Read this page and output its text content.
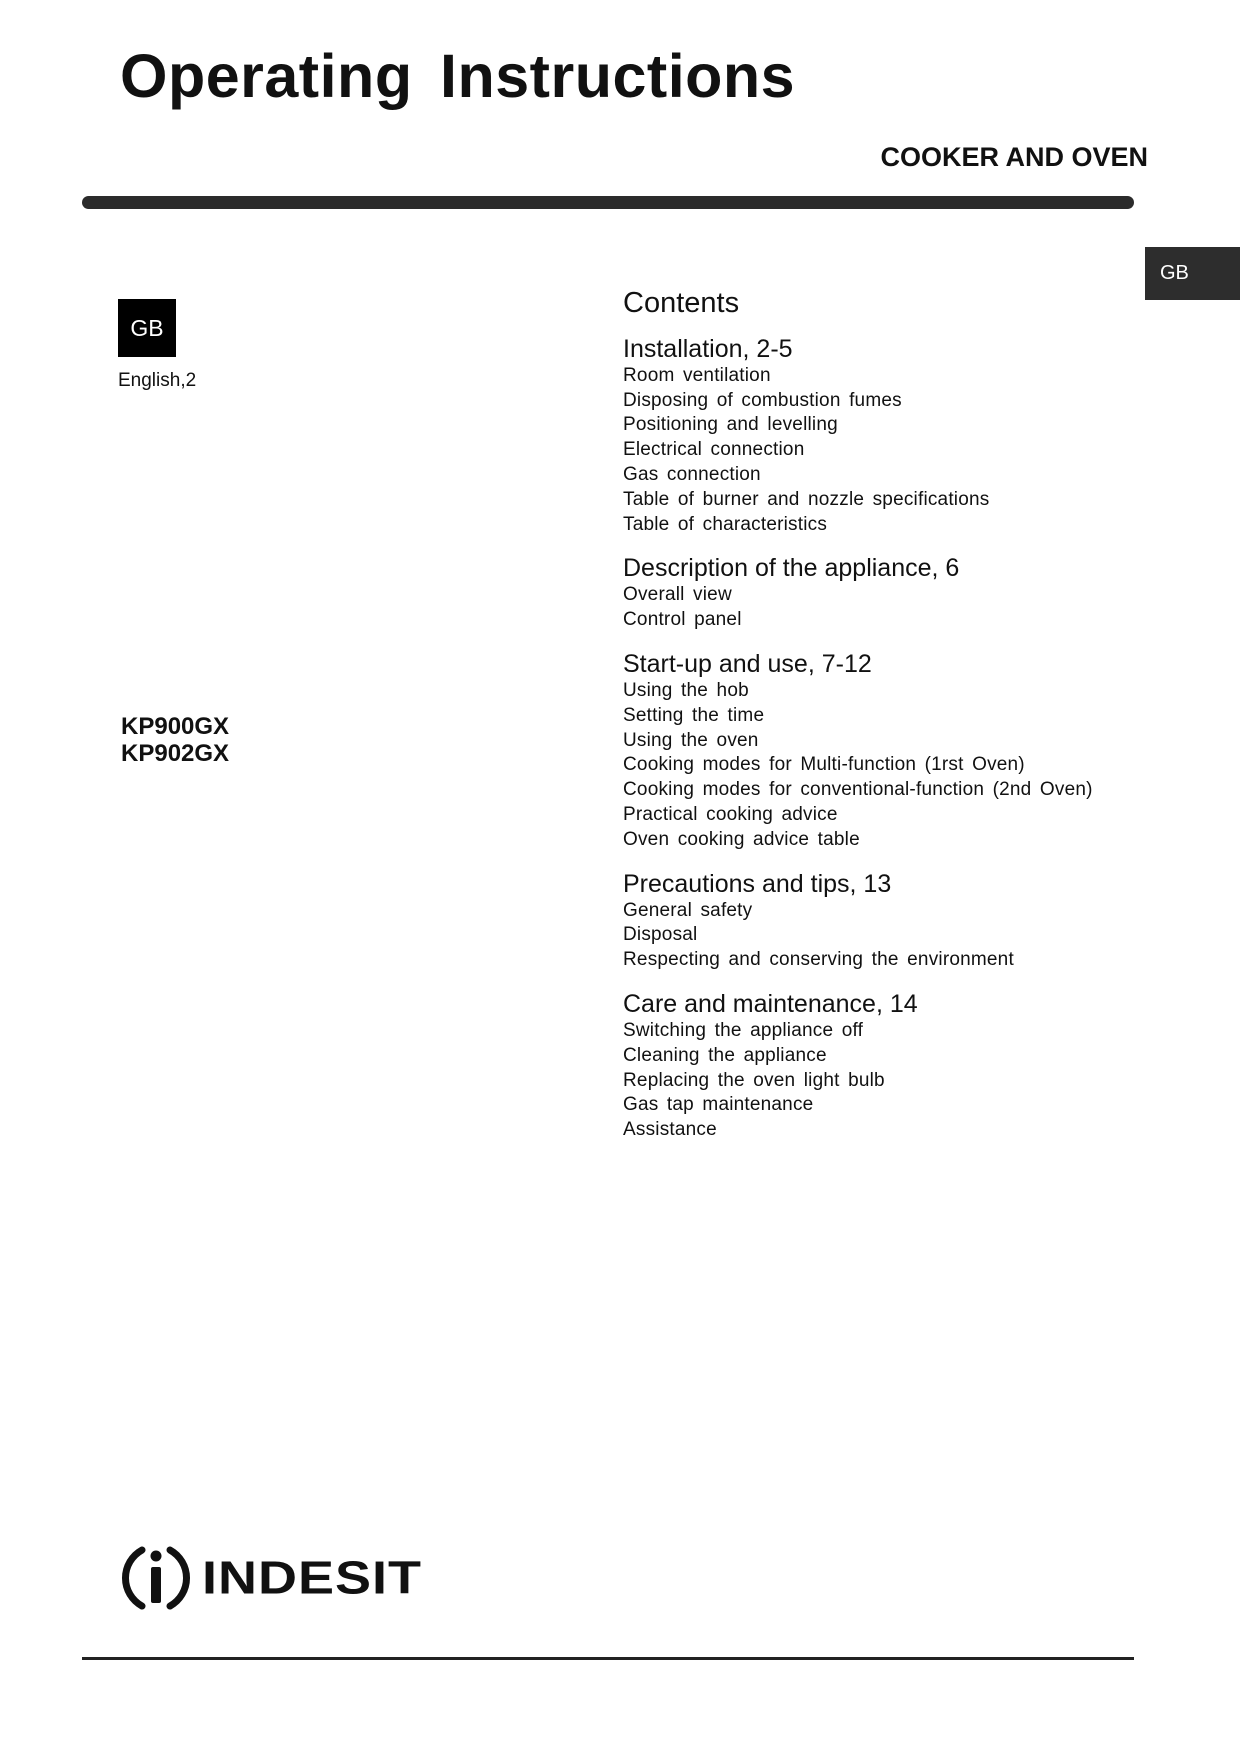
Operating Instructions
COOKER AND OVEN
GB
GB
English,2
KP900GX
KP902GX
Contents
Installation, 2-5
Room ventilation
Disposing of combustion fumes
Positioning and levelling
Electrical connection
Gas connection
Table of burner and nozzle specifications
Table of characteristics
Description of the appliance, 6
Overall view
Control panel
Start-up and use, 7-12
Using the hob
Setting the time
Using the oven
Cooking modes for Multi-function (1rst Oven)
Cooking modes for conventional-function (2nd Oven)
Practical cooking advice
Oven cooking advice table
Precautions and tips, 13
General safety
Disposal
Respecting and conserving the environment
Care and maintenance, 14
Switching the appliance off
Cleaning the appliance
Replacing the oven light bulb
Gas tap maintenance
Assistance
INDESIT
